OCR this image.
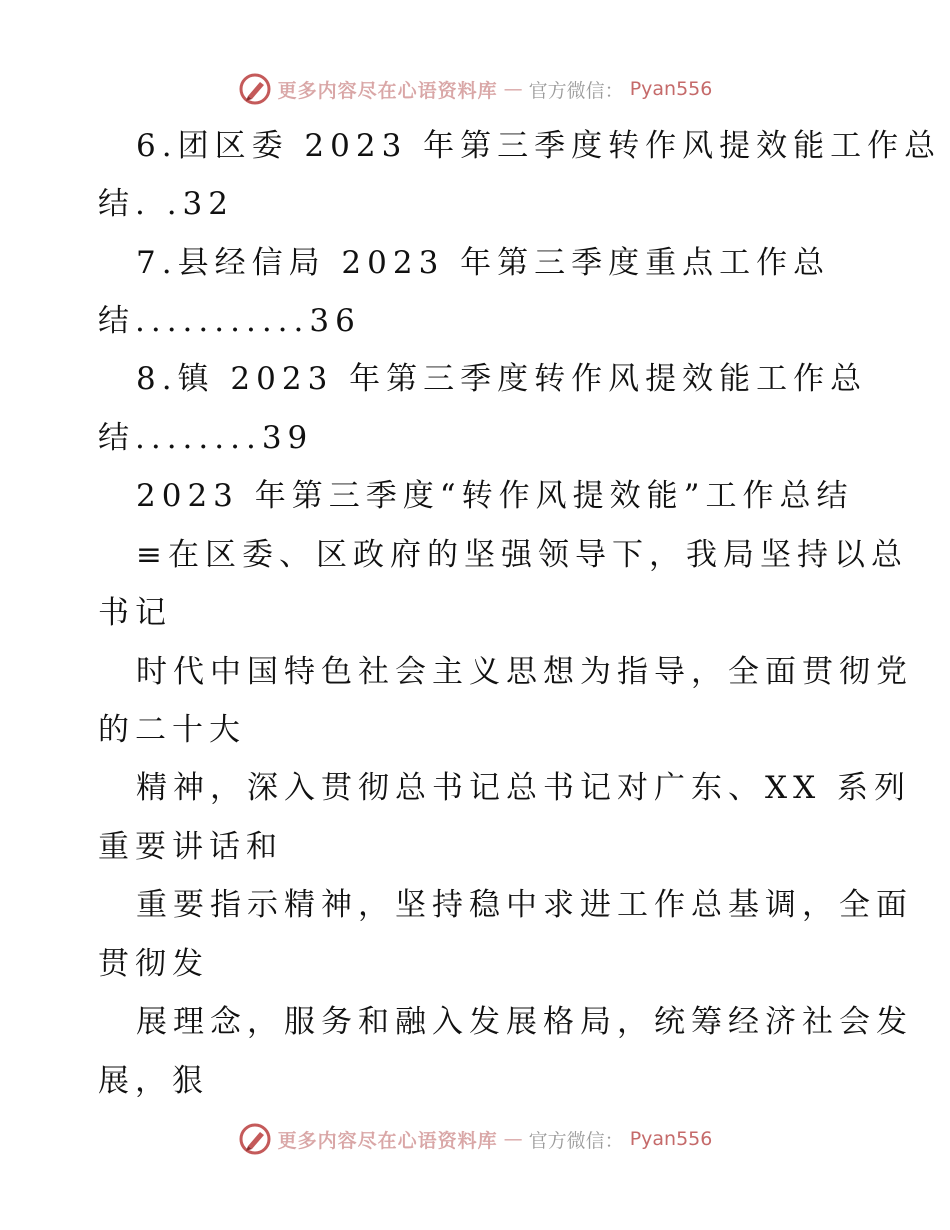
更多内容尽在心语资料库 — 官方微信： Pyan556
6.团区委 2023 年第三季度转作风提效能工作总
结. .32
7.县经信局 2023 年第三季度重点工作总
结...........36
8.镇 2023 年第三季度转作风提效能工作总
结........39
2023 年第三季度“转作风提效能”工作总结
≡在区委、区政府的坚强领导下，我局坚持以总
书记
时代中国特色社会主义思想为指导，全面贯彻党
的二十大
精神，深入贯彻总书记总书记对广东、XX 系列
重要讲话和
重要指示精神，坚持稳中求进工作总基调，全面
贯彻发
展理念，服务和融入发展格局，统筹经济社会发
展，狠
更多内容尽在心语资料库 — 官方微信： Pyan556
